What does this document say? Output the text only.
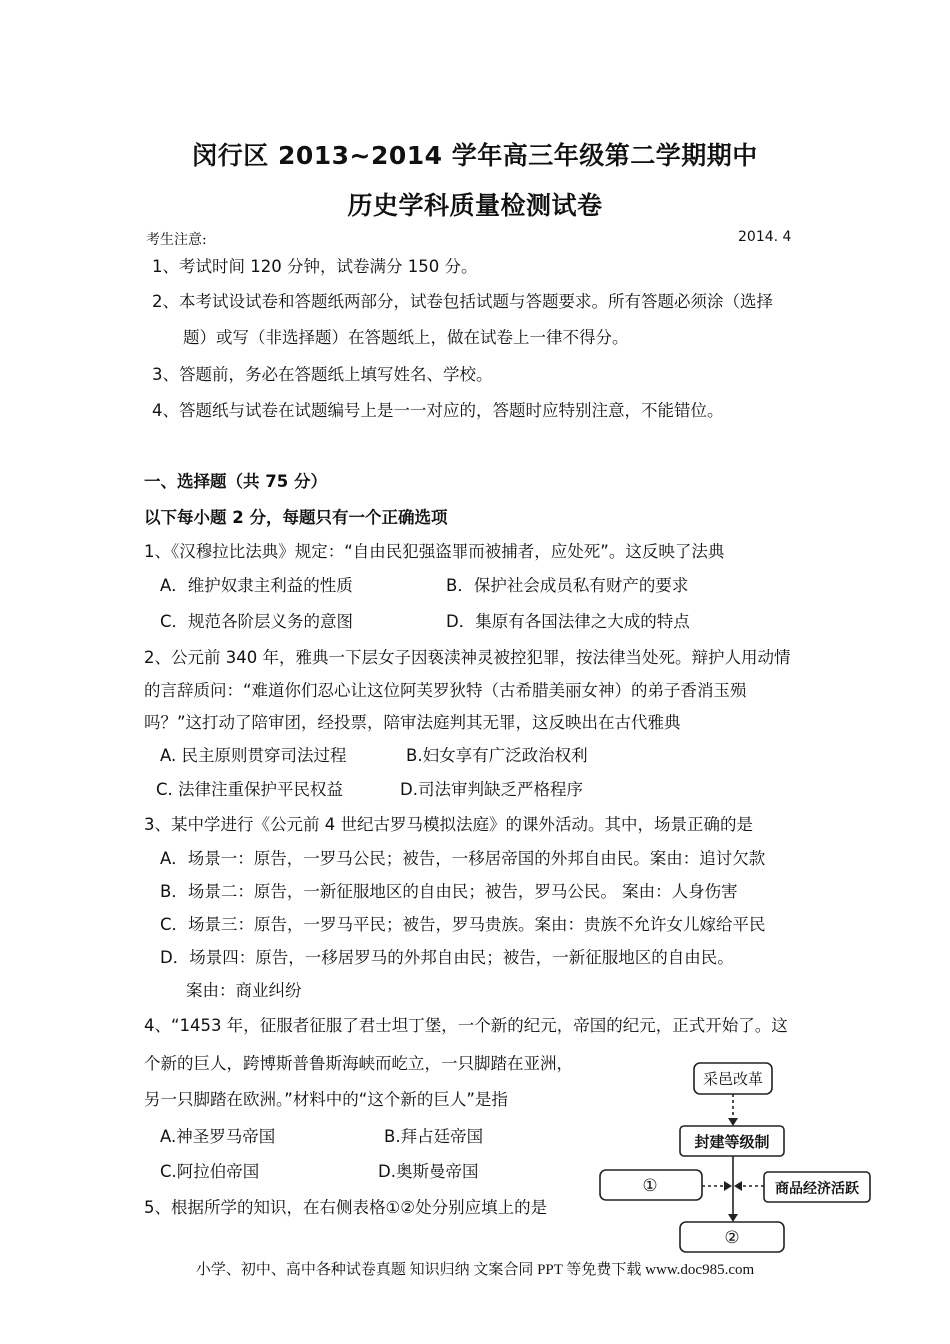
闵行区 2013~2014 学年高三年级第二学期期中
历史学科质量检测试卷
考生注意:	2014. 4
1、考试时间 120 分钟，试卷满分 150 分。
2、本考试设试卷和答题纸两部分，试卷包括试题与答题要求。所有答题必须涂（选择
题）或写（非选择题）在答题纸上，做在试卷上一律不得分。
3、答题前，务必在答题纸上填写姓名、学校。
4、答题纸与试卷在试题编号上是一一对应的，答题时应特别注意，不能错位。
一、选择题（共 75 分）
以下每小题 2 分，每题只有一个正确选项
1、《汉穆拉比法典》规定：“自由民犯强盗罪而被捕者，应处死”。这反映了法典
A．维护奴隶主利益的性质	B．保护社会成员私有财产的要求
C．规范各阶层义务的意图	D．集原有各国法律之大成的特点
2、公元前 340 年，雅典一下层女子因亵渎神灵被控犯罪，按法律当处死。辩护人用动情
的言辞质问：“难道你们忍心让这位阿芙罗狄特（古希腊美丽女神）的弟子香消玉殒
吗？”这打动了陪审团，经投票，陪审法庭判其无罪，这反映出在古代雅典
A. 民主原则贯穿司法过程	B.妇女享有广泛政治权利
C. 法律注重保护平民权益	D.司法审判缺乏严格程序
3、某中学进行《公元前 4 世纪古罗马模拟法庭》的课外活动。其中，场景正确的是
A．场景一：原告，一罗马公民；被告，一移居帝国的外邦自由民。案由：追讨欠款
B．场景二：原告，一新征服地区的自由民；被告，罗马公民。 案由：人身伤害
C．场景三：原告，一罗马平民；被告，罗马贵族。案由：贵族不允许女儿嫁给平民
D．场景四：原告，一移居罗马的外邦自由民；被告，一新征服地区的自由民。
案由：商业纠纷
4、“1453 年，征服者征服了君士坦丁堡，一个新的纪元，帝国的纪元，正式开始了。这
个新的巨人，跨博斯普鲁斯海峡而屹立，一只脚踏在亚洲，
另一只脚踏在欧洲。”材料中的“这个新的巨人”是指
A.神圣罗马帝国	B.拜占廷帝国
C.阿拉伯帝国	D.奥斯曼帝国
5、根据所学的知识，在右侧表格①②处分别应填上的是
采邑改革
封建等级制
①	商品经济活跃
②
小学、初中、高中各种试卷真题 知识归纳 文案合同 PPT 等免费下载 www.doc985.com
